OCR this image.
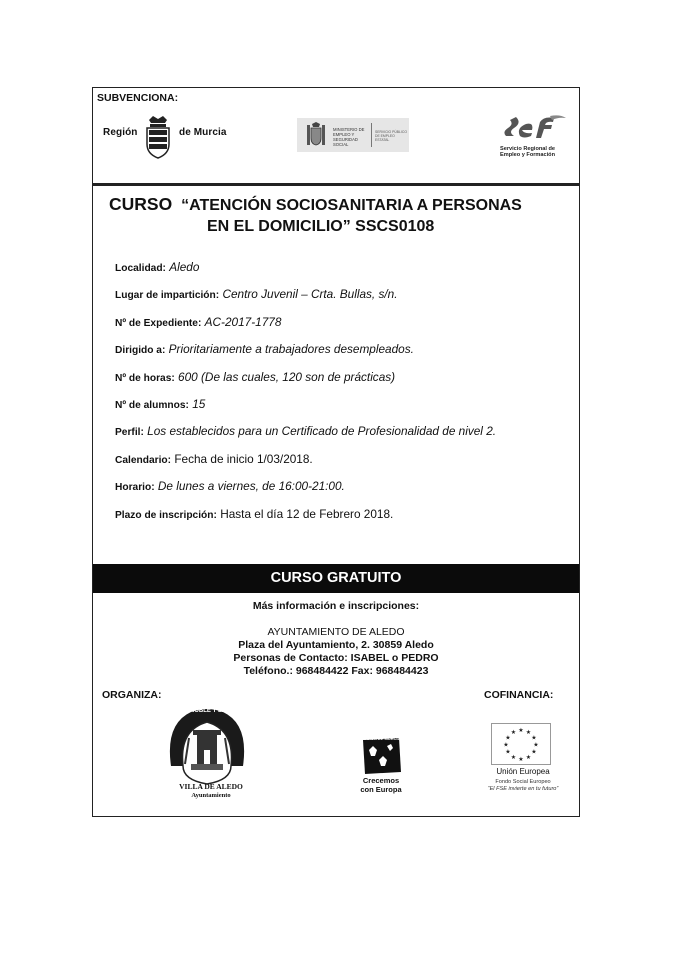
SUBVENCIONA:
Región	de Murcia	MINISTERIO DE EMPLEO Y SEGURIDAD SOCIAL
SERVICIO PÚBLICO DE EMPLEO ESTATAL
Servicio Regional de
Empleo y Formación
CURSO “ATENCIÓN SOCIOSANITARIA A PERSONAS
EN EL DOMICILIO” SSCS0108
Localidad: Aledo
Lugar de impartición: Centro Juvenil – Crta. Bullas, s/n.
Nº de Expediente: AC-2017-1778
Dirigido a: Prioritariamente a trabajadores desempleados.
Nº de horas: 600 (De las cuales, 120 son de prácticas)
Nº de alumnos: 15
Perfil: Los establecidos para un Certificado de Profesionalidad de nivel 2.
Calendario: Fecha de inicio 1/03/2018.
Horario: De lunes a viernes, de 16:00-21:00.
Plazo de inscripción: Hasta el día 12 de Febrero 2018.
CURSO GRATUITO
Más información e inscripciones:
AYUNTAMIENTO DE ALEDO
Plaza del Ayuntamiento, 2. 30859 Aledo
Personas de Contacto: ISABEL o PEDRO
Teléfono.: 968484422 Fax: 968484423
ORGANIZA:	COFINANCIA:
MUY NOBLE Y LEAL
VILLA DE ALEDO
Ayuntamiento
REGIÓN DE MURCIA
Crecemos
con Europa
★ ★
★
★
★
★
★
★
★
★
★
★
Unión Europea
Fondo Social Europeo
“El FSE invierte en tu futuro”
